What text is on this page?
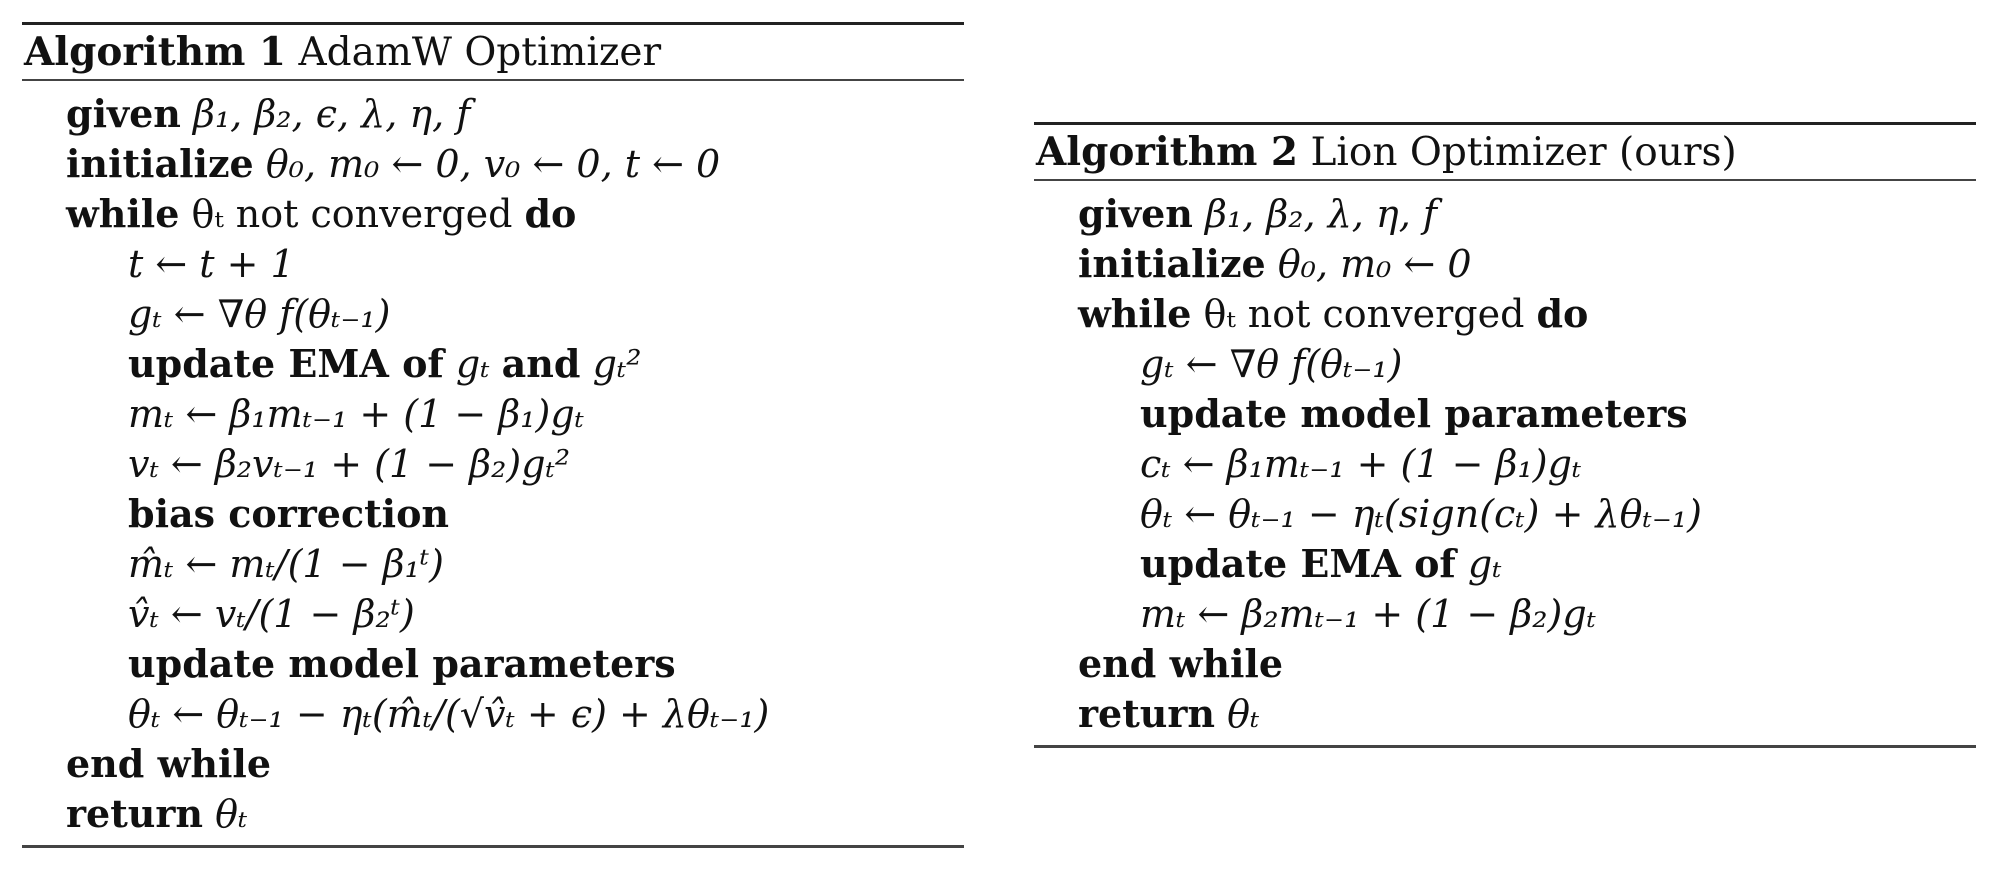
Algorithm 1 AdamW Optimizer
given β₁, β₂, ϵ, λ, η, f
initialize θ₀, m₀ ← 0, v₀ ← 0, t ← 0
while θₜ not converged do
t ← t + 1
gₜ ← ∇θ f(θₜ₋₁)
update EMA of gₜ and gₜ²
mₜ ← β₁mₜ₋₁ + (1 − β₁)gₜ
vₜ ← β₂vₜ₋₁ + (1 − β₂)gₜ²
bias correction
m̂ₜ ← mₜ/(1 − β₁ᵗ)
v̂ₜ ← vₜ/(1 − β₂ᵗ)
update model parameters
θₜ ← θₜ₋₁ − ηₜ(m̂ₜ/(√v̂ₜ + ϵ) + λθₜ₋₁)
end while
return θₜ
Algorithm 2 Lion Optimizer (ours)
given β₁, β₂, λ, η, f
initialize θ₀, m₀ ← 0
while θₜ not converged do
gₜ ← ∇θ f(θₜ₋₁)
update model parameters
cₜ ← β₁mₜ₋₁ + (1 − β₁)gₜ
θₜ ← θₜ₋₁ − ηₜ(sign(cₜ) + λθₜ₋₁)
update EMA of gₜ
mₜ ← β₂mₜ₋₁ + (1 − β₂)gₜ
end while
return θₜ
